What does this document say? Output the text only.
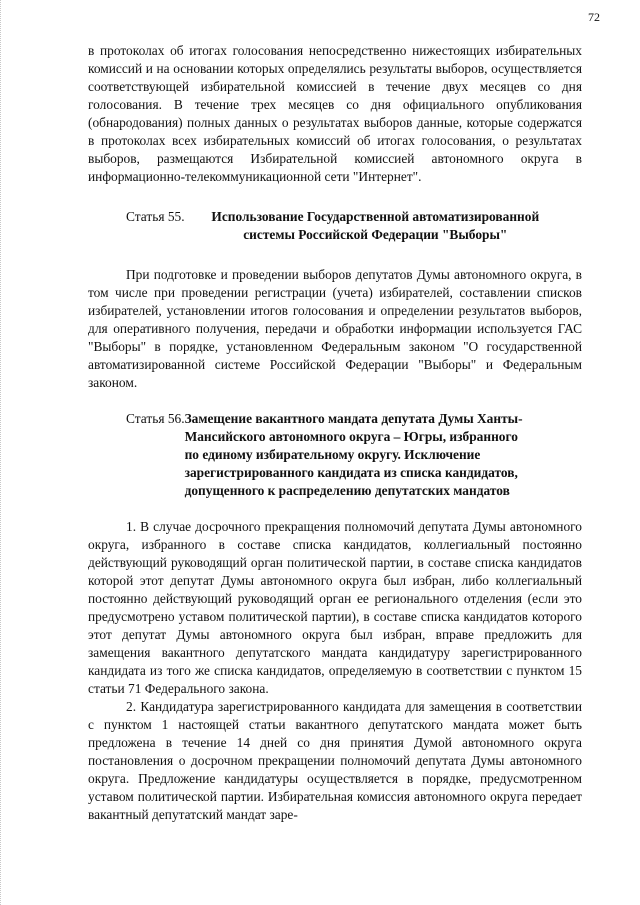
72

в протоколах об итогах голосования непосредственно нижестоящих избирательных комиссий и на основании которых определялись результаты выборов, осуществляется соответствующей избирательной комиссией в течение двух месяцев со дня голосования. В течение трех месяцев со дня официального опубликования (обнародования) полных данных о результатах выборов данные, которые содержатся в протоколах всех избирательных комиссий об итогах голосования, о результатах выборов, размещаются Избирательной комиссией автономного округа в информационно-телекоммуникационной сети "Интернет".

Статья 55.	Использование Государственной автоматизированной системы Российской Федерации "Выборы"

При подготовке и проведении выборов депутатов Думы автономного округа, в том числе при проведении регистрации (учета) избирателей, составлении списков избирателей, установлении итогов голосования и определении результатов выборов, для оперативного получения, передачи и обработки информации используется ГАС "Выборы" в порядке, установленном Федеральным законом "О государственной автоматизированной системе Российской Федерации "Выборы" и Федеральным законом.

Статья 56. Замещение вакантного мандата депутата Думы Ханты-Мансийского автономного округа – Югры, избранного по единому избирательному округу. Исключение зарегистрированного кандидата из списка кандидатов, допущенного к распределению депутатских мандатов

1. В случае досрочного прекращения полномочий депутата Думы автономного округа, избранного в составе списка кандидатов, коллегиальный постоянно действующий руководящий орган политической партии, в составе списка кандидатов которой этот депутат Думы автономного округа был избран, либо коллегиальный постоянно действующий руководящий орган ее регионального отделения (если это предусмотрено уставом политической партии), в составе списка кандидатов которого этот депутат Думы автономного округа был избран, вправе предложить для замещения вакантного депутатского мандата кандидатуру зарегистрированного кандидата из того же списка кандидатов, определяемую в соответствии с пунктом 15 статьи 71 Федерального закона.

2. Кандидатура зарегистрированного кандидата для замещения в соответствии с пунктом 1 настоящей статьи вакантного депутатского мандата может быть предложена в течение 14 дней со дня принятия Думой автономного округа постановления о досрочном прекращении полномочий депутата Думы автономного округа. Предложение кандидатуры осуществляется в порядке, предусмотренном уставом политической партии. Избирательная комиссия автономного округа передает вакантный депутатский мандат заре-
